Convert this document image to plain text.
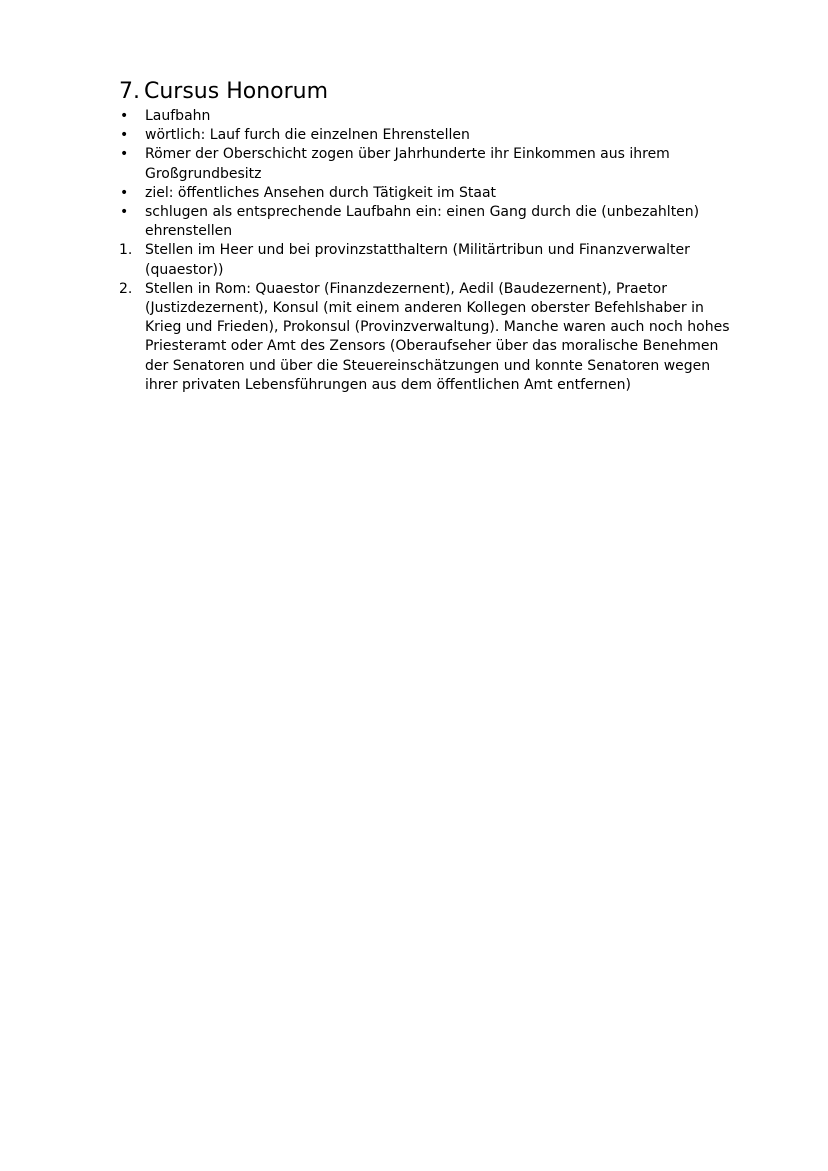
7. Cursus Honorum
•	Laufbahn
•	wörtlich: Lauf furch die einzelnen Ehrenstellen
•	Römer der Oberschicht zogen über Jahrhunderte ihr Einkommen aus ihrem Großgrundbesitz
•	ziel: öffentliches Ansehen durch Tätigkeit im Staat
•	schlugen als entsprechende Laufbahn ein: einen Gang durch die (unbezahlten) ehrenstellen
1. Stellen im Heer und bei provinzstatthaltern (Militärtribun und Finanzverwalter (quaestor))
2. Stellen in Rom: Quaestor (Finanzdezernent), Aedil (Baudezernent), Praetor (Justizdezernent), Konsul (mit einem anderen Kollegen oberster Befehlshaber in Krieg und Frieden), Prokonsul (Provinzverwaltung). Manche waren auch noch hohes Priesteramt oder Amt des Zensors (Oberaufseher über das moralische Benehmen der Senatoren und über die Steuereinschätzungen und konnte Senatoren wegen ihrer privaten Lebensführungen aus dem öffentlichen Amt entfernen)
